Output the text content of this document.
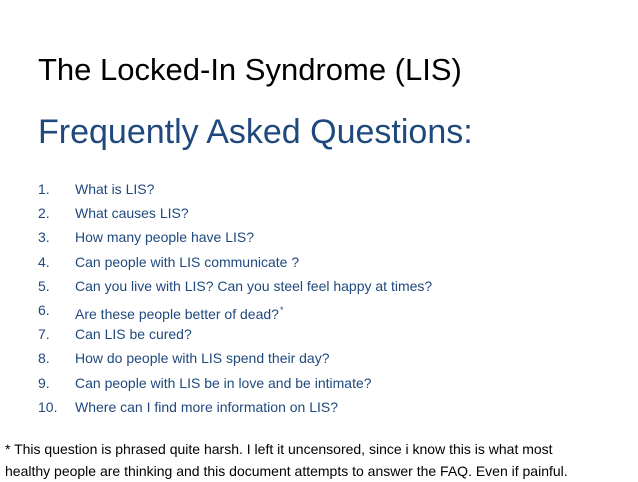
The Locked-In Syndrome (LIS)
Frequently Asked Questions:
1. What is LIS?
2. What causes LIS?
3. How many people have LIS?
4. Can people with LIS communicate ?
5. Can you live with LIS? Can you steel feel happy at times?
6. Are these people better of dead?*
7. Can LIS be cured?
8. How do people with LIS spend their day?
9. Can people with LIS be in love and be intimate?
10. Where can I find more information on LIS?
* This question is phrased quite harsh. I left it uncensored, since i know this is what most
healthy people are thinking and this document attempts to answer the FAQ. Even if painful.
